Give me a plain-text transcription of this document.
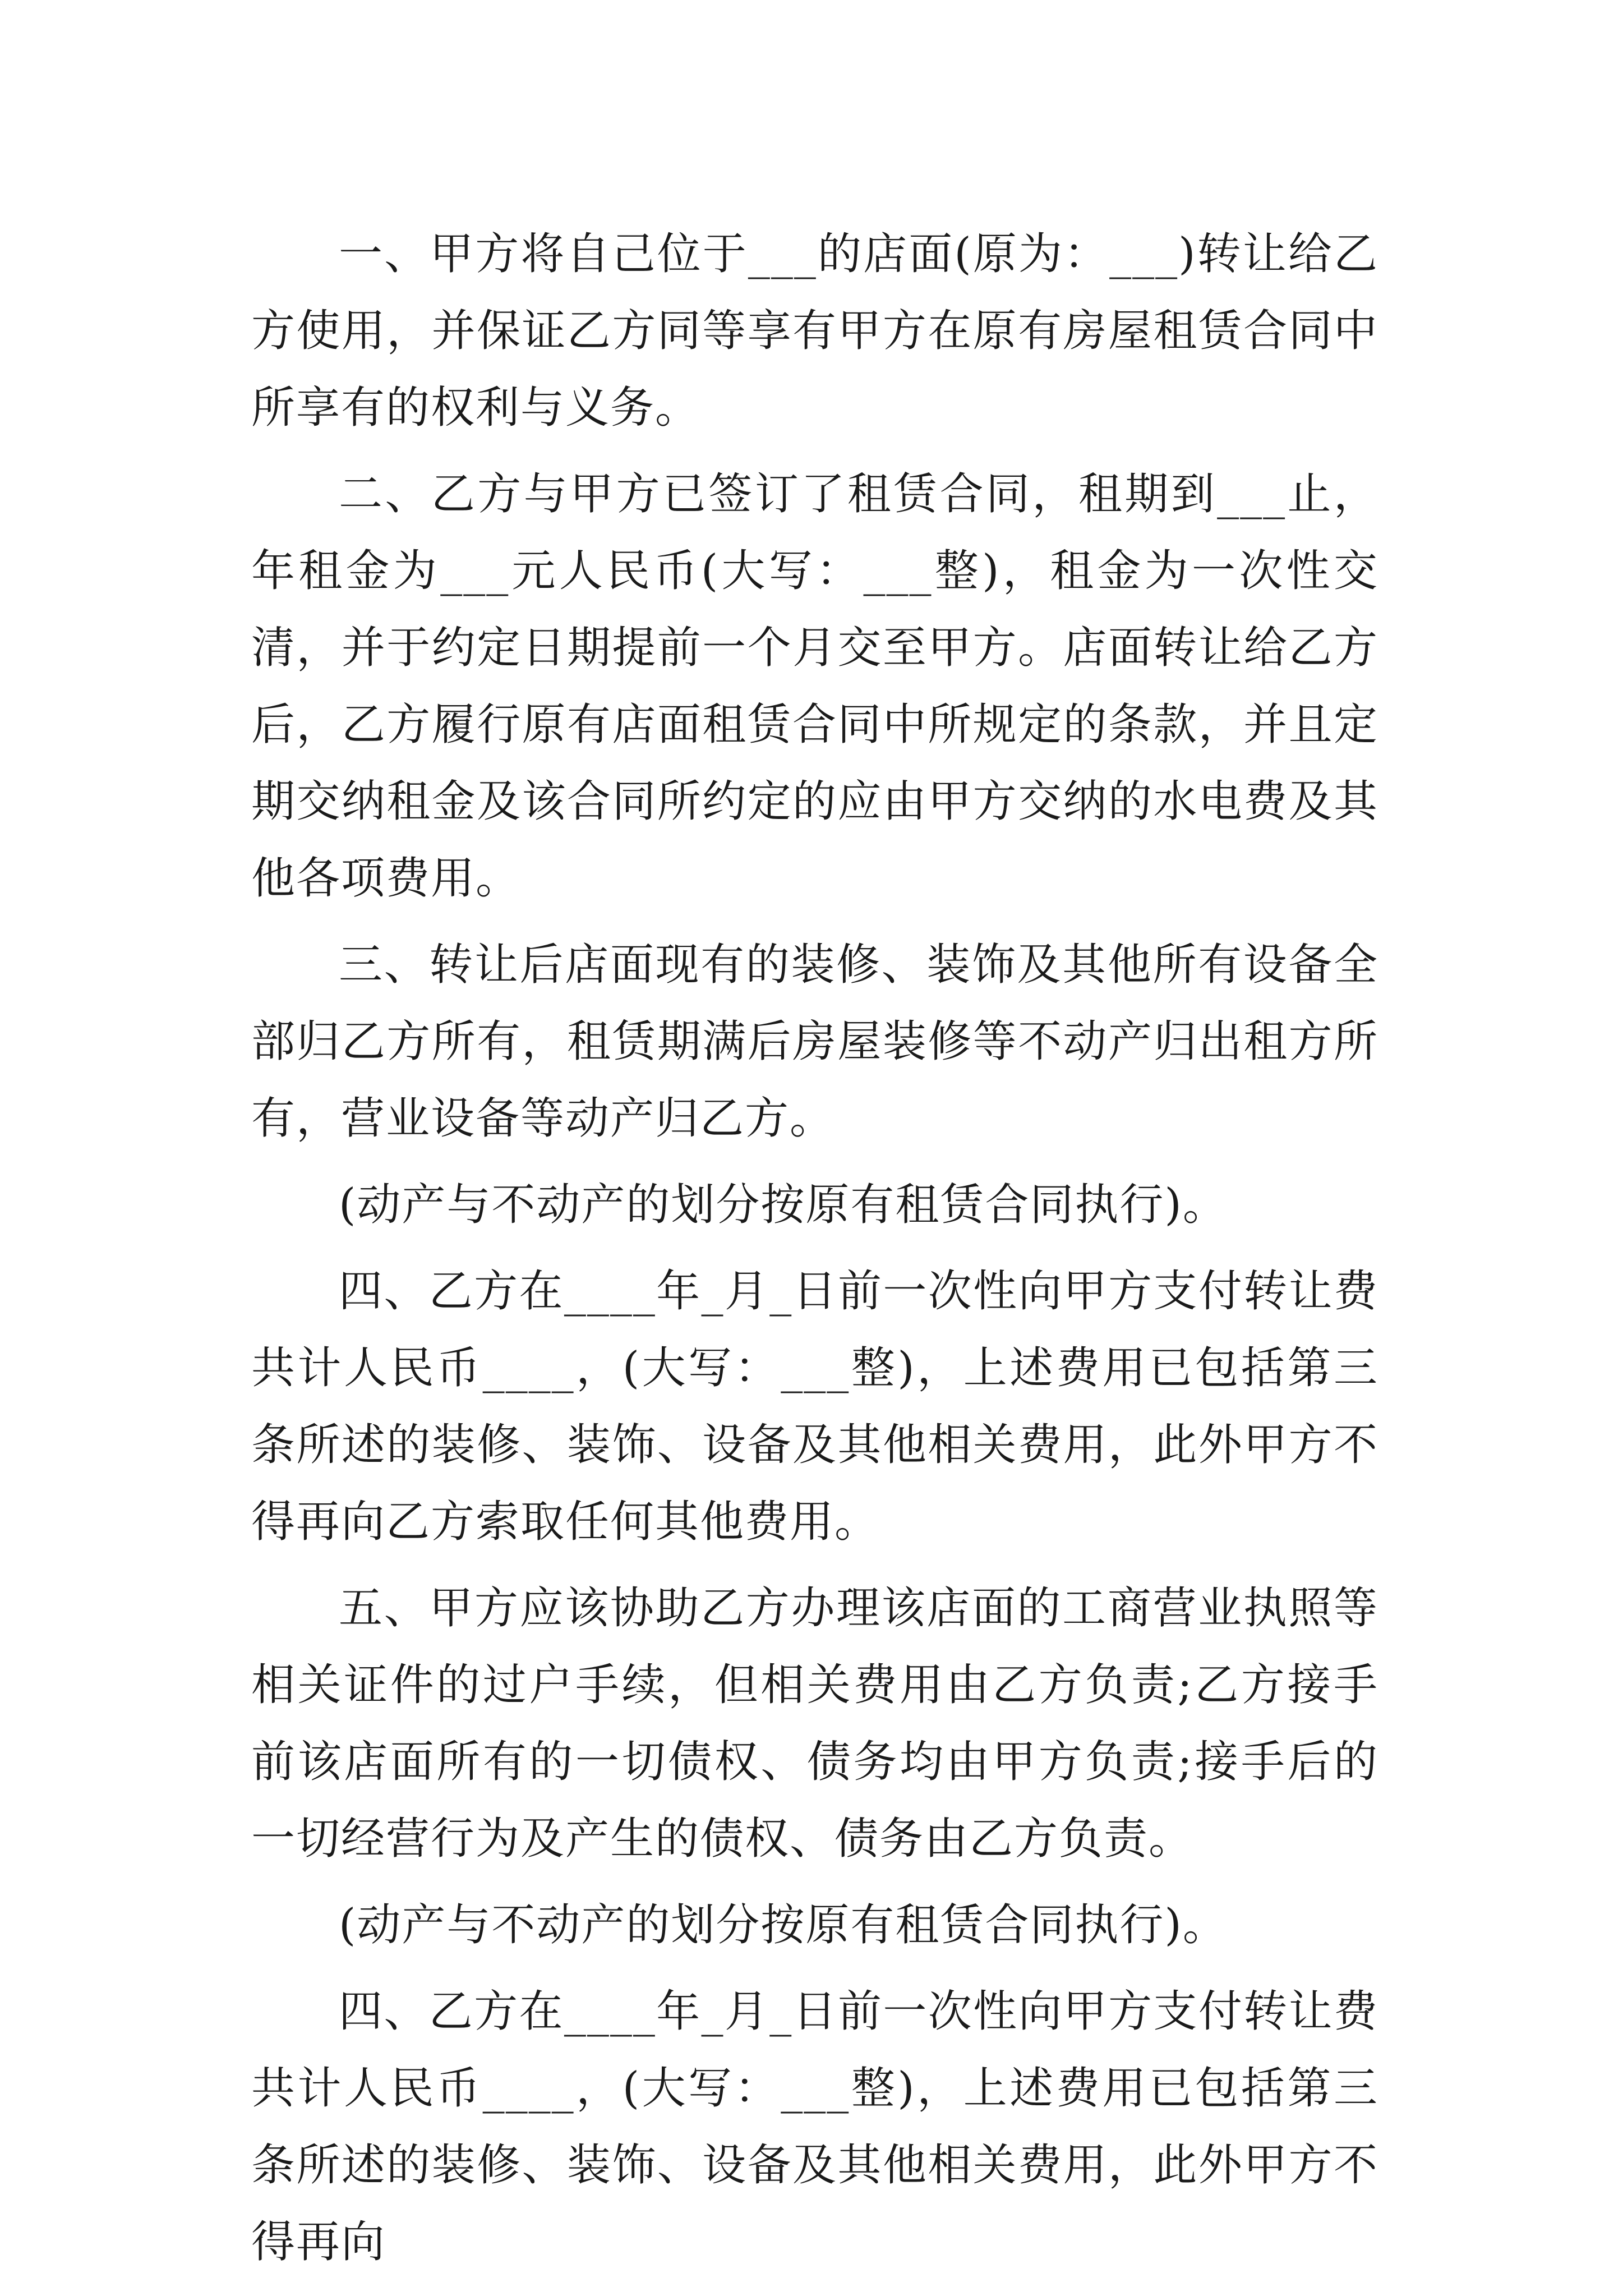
一、甲方将自己位于___的店面(原为：___)转让给乙方使用，并保证乙方同等享有甲方在原有房屋租赁合同中所享有的权利与义务。

二、乙方与甲方已签订了租赁合同，租期到___止，年租金为___元人民币(大写：___整)，租金为一次性交清，并于约定日期提前一个月交至甲方。店面转让给乙方后，乙方履行原有店面租赁合同中所规定的条款，并且定期交纳租金及该合同所约定的应由甲方交纳的水电费及其他各项费用。

三、转让后店面现有的装修、装饰及其他所有设备全部归乙方所有，租赁期满后房屋装修等不动产归出租方所有，营业设备等动产归乙方。

(动产与不动产的划分按原有租赁合同执行)。

四、乙方在____年_月_日前一次性向甲方支付转让费共计人民币____，(大写：___整)，上述费用已包括第三条所述的装修、装饰、设备及其他相关费用，此外甲方不得再向乙方索取任何其他费用。

五、甲方应该协助乙方办理该店面的工商营业执照等相关证件的过户手续，但相关费用由乙方负责;乙方接手前该店面所有的一切债权、债务均由甲方负责;接手后的一切经营行为及产生的债权、债务由乙方负责。

(动产与不动产的划分按原有租赁合同执行)。

四、乙方在____年_月_日前一次性向甲方支付转让费共计人民币____，(大写：___整)，上述费用已包括第三条所述的装修、装饰、设备及其他相关费用，此外甲方不得再向
